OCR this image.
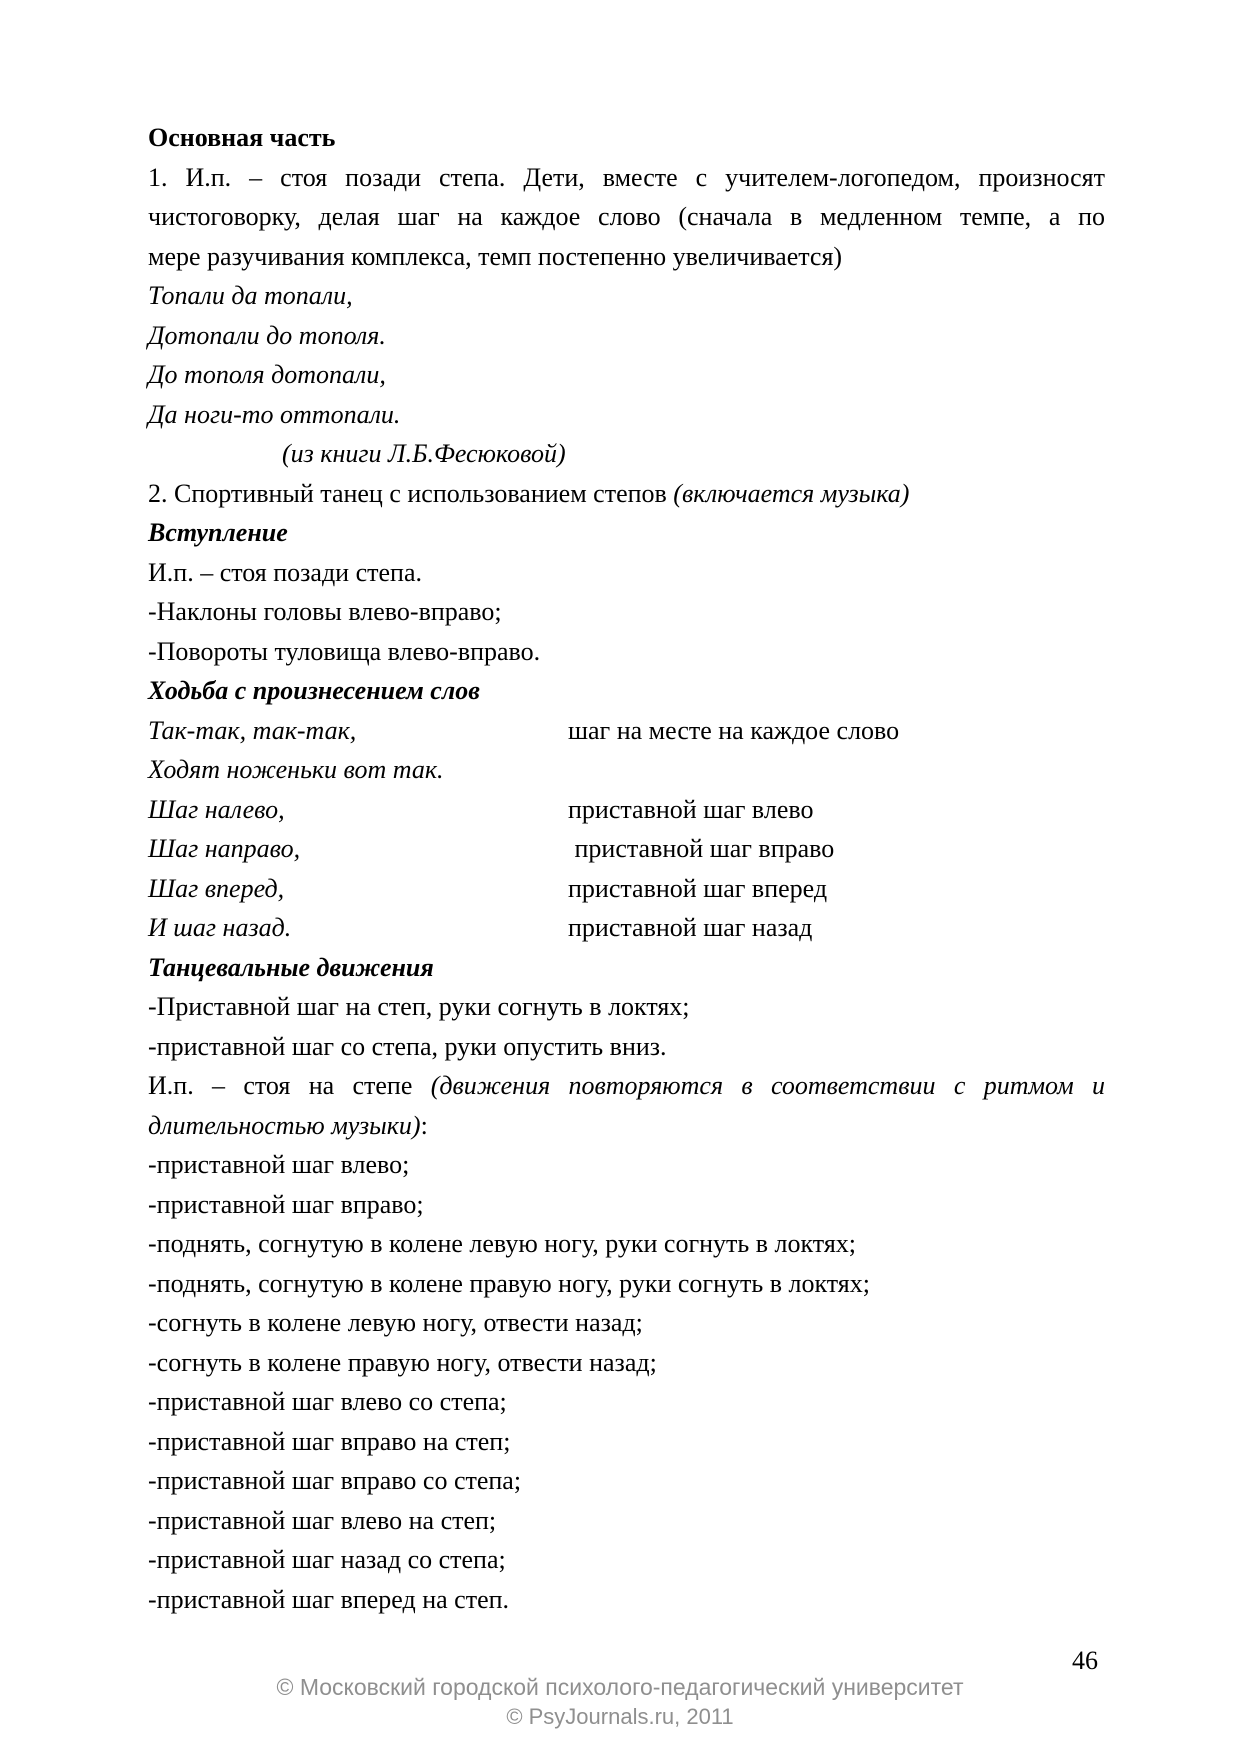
Основная часть
1. И.п. – стоя позади степа. Дети, вместе с учителем-логопедом, произносят
чистоговорку, делая шаг на каждое слово (сначала в медленном темпе, а по
мере разучивания комплекса, темп постепенно увеличивается)
Топали да топали,
Дотопали до тополя.
До тополя дотопали,
Да ноги-то оттопали.
(из книги Л.Б.Фесюковой)
2. Спортивный танец с использованием степов (включается музыка)
Вступление
И.п. – стоя позади степа.
-Наклоны головы влево-вправо;
-Повороты туловища влево-вправо.
Ходьба с произнесением слов
Так-так, так-так,	шаг на месте на каждое слово
Ходят ноженьки вот так.
Шаг налево,	приставной шаг влево
Шаг направо,	приставной шаг вправо
Шаг вперед,	приставной шаг вперед
И шаг назад.	приставной шаг назад
Танцевальные движения
-Приставной шаг на степ, руки согнуть в локтях;
-приставной шаг со степа, руки опустить вниз.
И.п. – стоя на степе (движения повторяются в соответствии с ритмом и
длительностью музыки):
-приставной шаг влево;
-приставной шаг вправо;
-поднять, согнутую в колене левую ногу, руки согнуть в локтях;
-поднять, согнутую в колене правую ногу, руки согнуть в локтях;
-согнуть в колене левую ногу, отвести назад;
-согнуть в колене правую ногу, отвести назад;
-приставной шаг влево со степа;
-приставной шаг вправо на степ;
-приставной шаг вправо со степа;
-приставной шаг влево на степ;
-приставной шаг назад со степа;
-приставной шаг вперед на степ.
46
© Московский городской психолого-педагогический университет
© PsyJournals.ru, 2011
